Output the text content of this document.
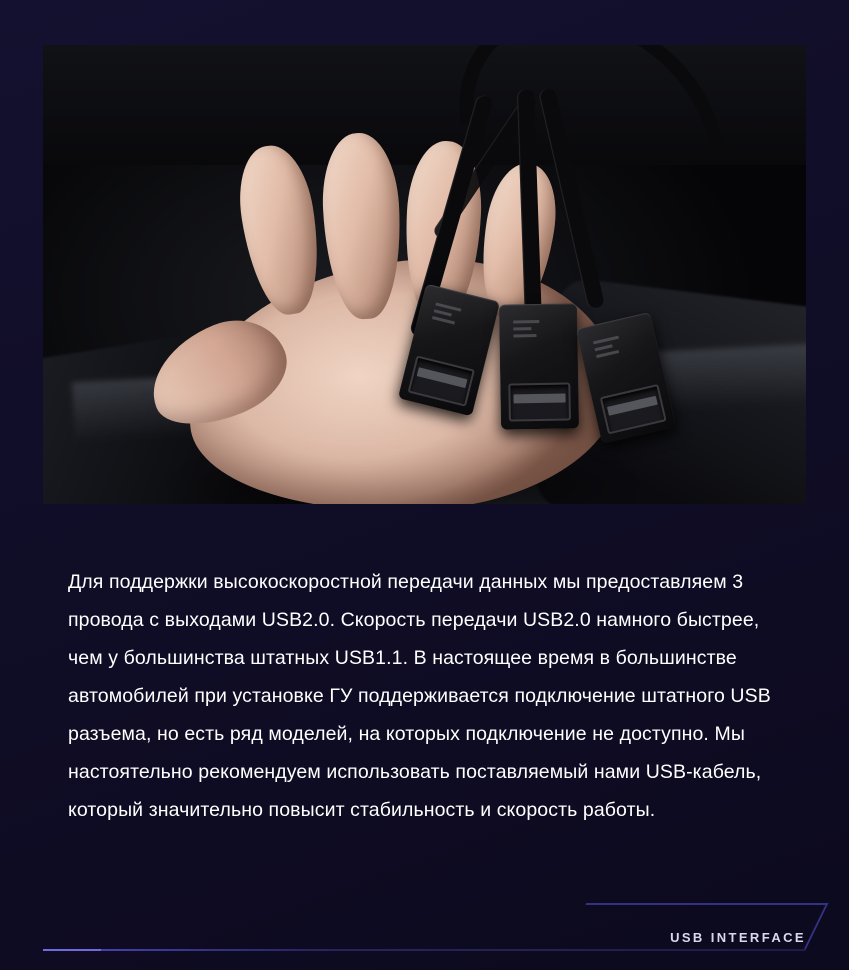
Для поддержки высокоскоростной передачи данных мы предоставляем 3 провода с выходами USB2.0. Скорость передачи USB2.0 намного быстрее, чем у большинства штатных USB1.1. В настоящее время в большинстве автомобилей при установке ГУ поддерживается подключение штатного USB разъема, но есть ряд моделей, на которых подключение не доступно. Мы настоятельно рекомендуем использовать поставляемый нами USB-кабель, который значительно повысит стабильность и скорость работы.

USB INTERFACE
